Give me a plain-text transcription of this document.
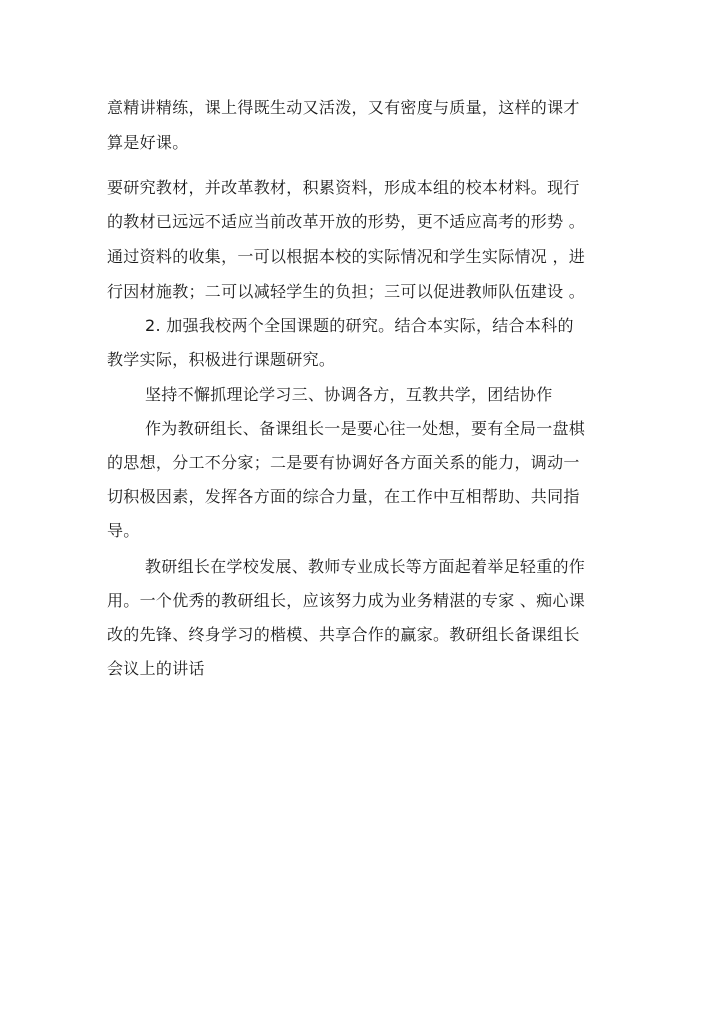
意精讲精练，课上得既生动又活泼，又有密度与质量，这样的课才
算是好课。
要研究教材，并改革教材，积累资料，形成本组的校本材料。现行
的教材已远远不适应当前改革开放的形势，更不适应高考的形势 。
通过资料的收集，一可以根据本校的实际情况和学生实际情况 ，进
行因材施教；二可以减轻学生的负担；三可以促进教师队伍建设 。
2. 加强我校两个全国课题的研究。结合本实际，结合本科的
教学实际，积极进行课题研究。
坚持不懈抓理论学习三、协调各方，互教共学，团结协作
作为教研组长、备课组长一是要心往一处想，要有全局一盘棋
的思想，分工不分家；二是要有协调好各方面关系的能力，调动一
切积极因素，发挥各方面的综合力量，在工作中互相帮助、共同指
导。
教研组长在学校发展、教师专业成长等方面起着举足轻重的作
用。一个优秀的教研组长，应该努力成为业务精湛的专家 、痴心课
改的先锋、终身学习的楷模、共享合作的赢家。教研组长备课组长
会议上的讲话
